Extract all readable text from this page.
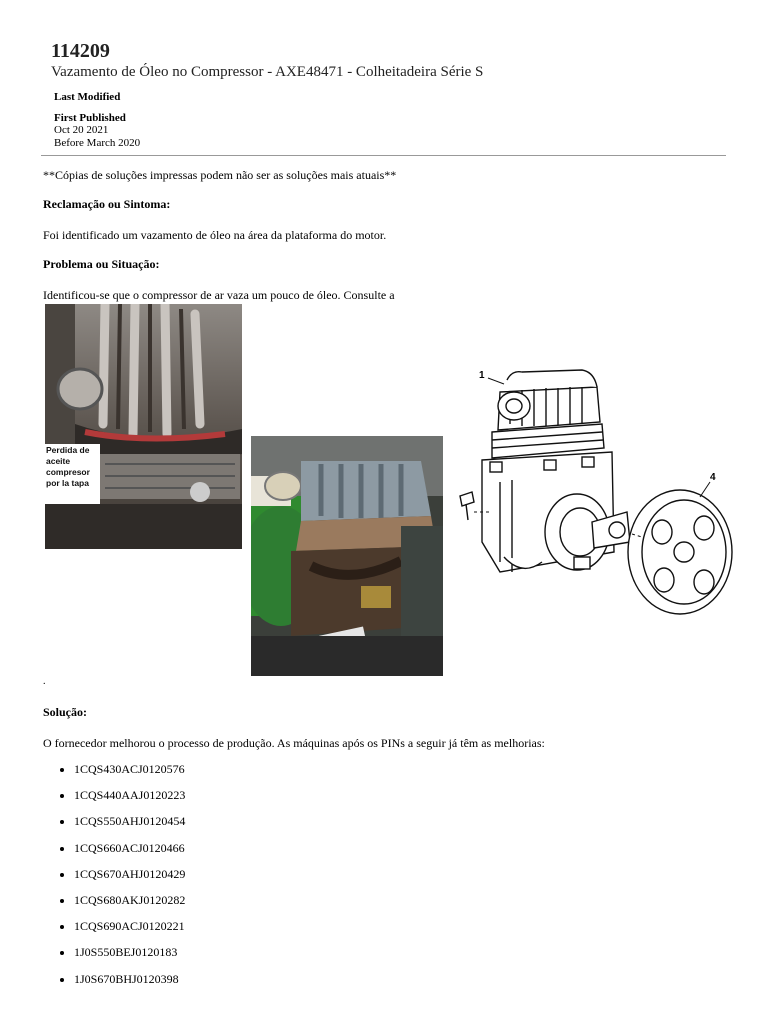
114209
Vazamento de Óleo no Compressor - AXE48471 - Colheitadeira Série S
Last Modified
First Published
Oct 20 2021
Before March 2020
**Cópias de soluções impressas podem não ser as soluções mais atuais**
Reclamação ou Sintoma:
Foi identificado um vazamento de óleo na área da plataforma do motor.
Problema ou Situação:
Identificou-se que o compressor de ar vaza um pouco de óleo. Consulte a
Perdida de
aceite
compresor
por la tapa
1
4
.
Solução:
O fornecedor melhorou o processo de produção. As máquinas após os PINs a seguir já têm as melhorias:
• 1CQS430ACJ0120576
• 1CQS440AAJ0120223
• 1CQS550AHJ0120454
• 1CQS660ACJ0120466
• 1CQS670AHJ0120429
• 1CQS680AKJ0120282
• 1CQS690ACJ0120221
• 1J0S550BEJ0120183
• 1J0S670BHJ0120398
